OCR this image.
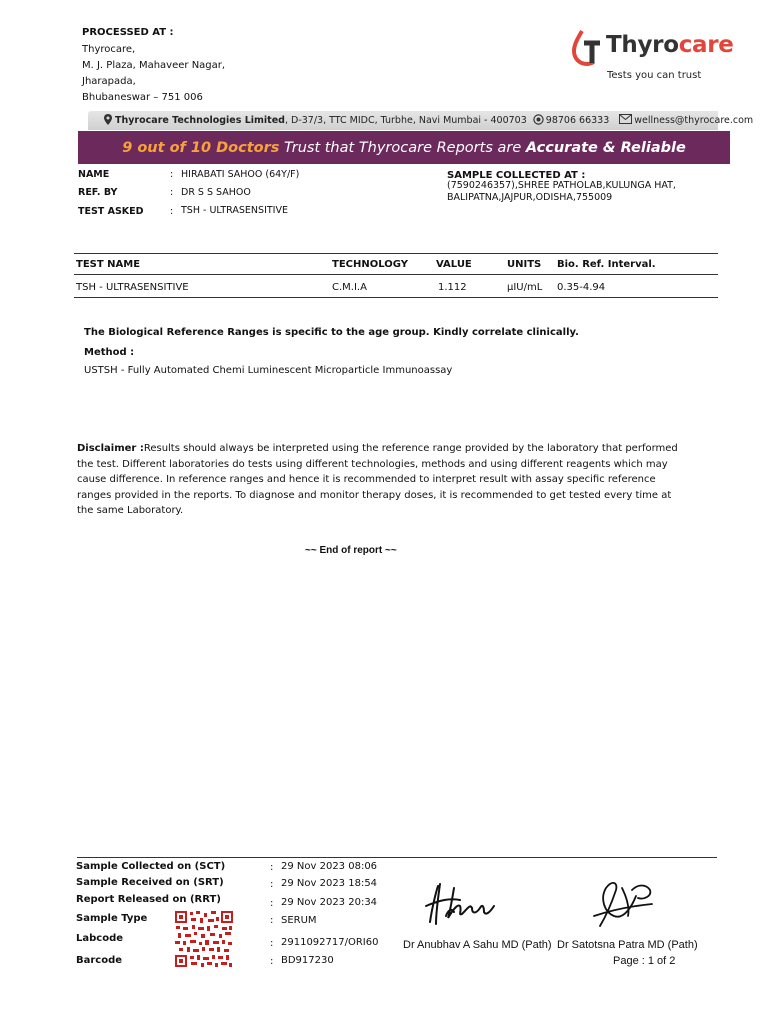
PROCESSED AT :
Thyrocare,
M. J. Plaza, Mahaveer Nagar,
Jharapada,
Bhubaneswar – 751 006
Thyrocare
Tests you can trust
Thyrocare Technologies Limited , D-37/3, TTC MIDC, Turbhe, Navi Mumbai - 400703 98706 66333	wellness@thyrocare.com
9 out of 10 Doctors Trust that Thyrocare Reports are Accurate & Reliable
NAME	: HIRABATI SAHOO (64Y/F)
REF. BY	: DR S S SAHOO
TEST ASKED	: TSH - ULTRASENSITIVE
SAMPLE COLLECTED AT :
(7590246357),SHREE PATHOLAB,KULUNGA HAT, BALIPATNA,JAJPUR,ODISHA,755009
TEST NAME	TECHNOLOGY	VALUE	UNITS Bio. Ref. Interval.
TSH - ULTRASENSITIVE	C.M.I.A	1.112	µIU/mL 0.35-4.94
The Biological Reference Ranges is specific to the age group. Kindly correlate clinically.
Method :
USTSH - Fully Automated Chemi Luminescent Microparticle Immunoassay
Disclaimer :Results should always be interpreted using the reference range provided by the laboratory that performed the test. Different laboratories do tests using different technologies, methods and using different reagents which may cause difference. In reference ranges and hence it is recommended to interpret result with assay specific reference ranges provided in the reports. To diagnose and monitor therapy doses, it is recommended to get tested every time at the same Laboratory.
~~ End of report ~~
Sample Collected on (SCT)	: 29 Nov 2023 08:06
Sample Received on (SRT)	: 29 Nov 2023 18:54
Report Released on (RRT)	: 29 Nov 2023 20:34
Sample Type	: SERUM
Labcode	: 2911092717/ORI60
Barcode	: BD917230
Dr Anubhav A Sahu MD (Path) Dr Satotsna Patra MD (Path)
Page : 1 of 2
